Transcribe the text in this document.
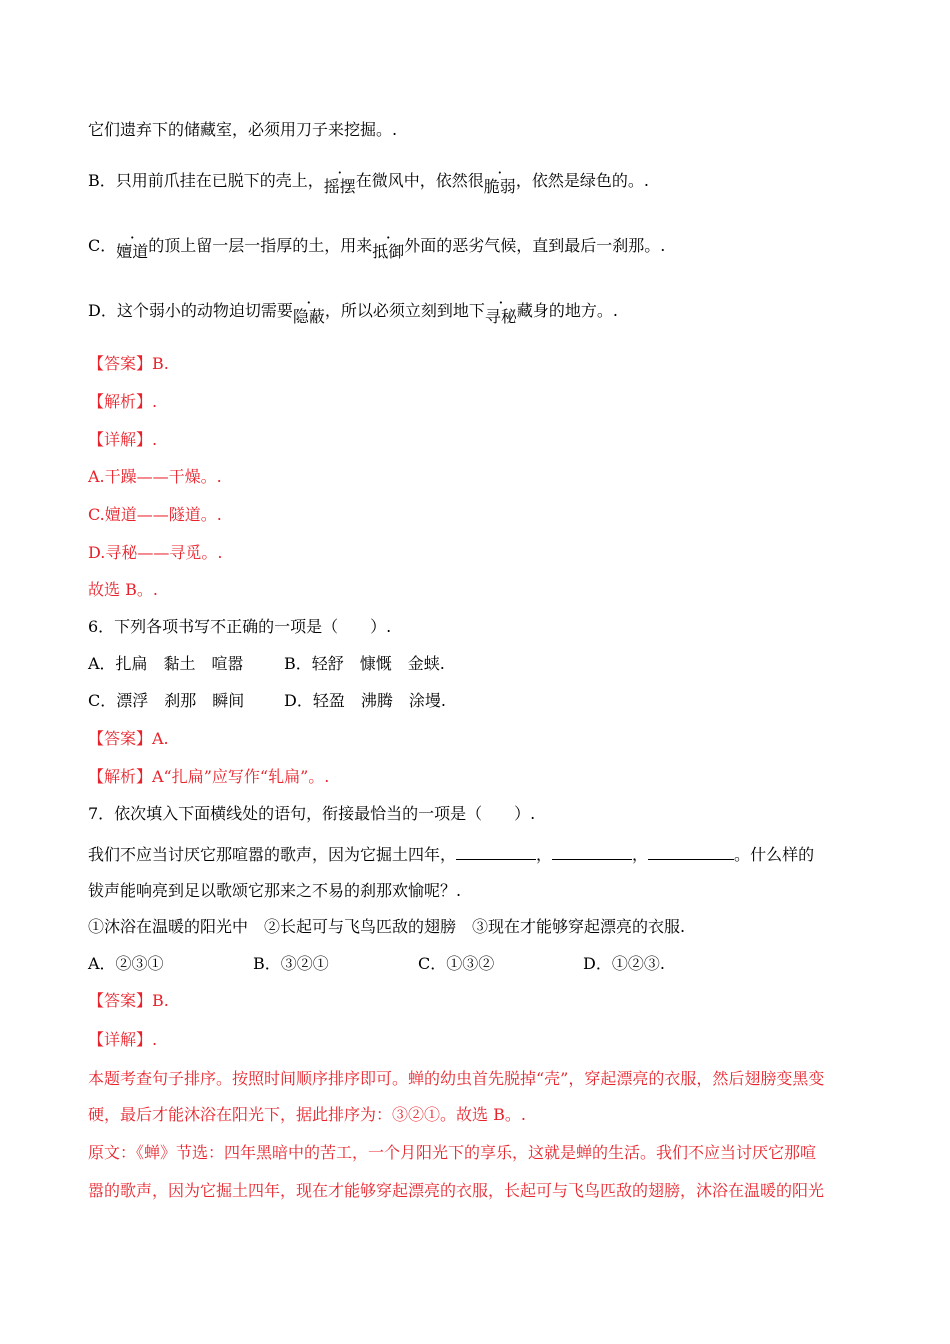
它们遗弃下的储藏室，必须用刀子来挖掘。.
B．只用前爪挂在已脱下的壳上，摇摆在微风中，依然很脆弱，依然是绿色的。.
C．嬗道的顶上留一层一指厚的土，用来抵御外面的恶劣气候，直到最后一刹那。.
D．这个弱小的动物迫切需要隐蔽，所以必须立刻到地下寻秘藏身的地方。.
【答案】B.
【解析】.
【详解】.
A.干躁——干燥。.
C.嬗道——隧道。.
D.寻秘——寻觅。.
故选 B。.
6．下列各项书写不正确的一项是（　　）.
A．扎扁　黏土　喧嚣	B．轻舒　慷慨　金蛱.
C．漂浮　刹那　瞬间 D．轻盈　沸腾　涂墁.
【答案】A.
【解析】A“扎扁”应写作“轧扁”。.
7．依次填入下面横线处的语句，衔接最恰当的一项是（　　）.
我们不应当讨厌它那喧嚣的歌声，因为它掘土四年，	，	，	。什么样的
钹声能响亮到足以歌颂它那来之不易的刹那欢愉呢？.
①沐浴在温暖的阳光中　②长起可与飞鸟匹敌的翅膀　③现在才能够穿起漂亮的衣服.
A．②③①	B．③②①	C．①③②	D．①②③.
【答案】B.
【详解】.
本题考查句子排序。按照时间顺序排序即可。蝉的幼虫首先脱掉“壳”，穿起漂亮的衣服，然后翅膀变黑变
硬，最后才能沐浴在阳光下，据此排序为：③②①。故选 B。.
原文：《蝉》节选：四年黑暗中的苦工，一个月阳光下的享乐，这就是蝉的生活。我们不应当讨厌它那喧
嚣的歌声，因为它掘土四年，现在才能够穿起漂亮的衣服，长起可与飞鸟匹敌的翅膀，沐浴在温暖的阳光
